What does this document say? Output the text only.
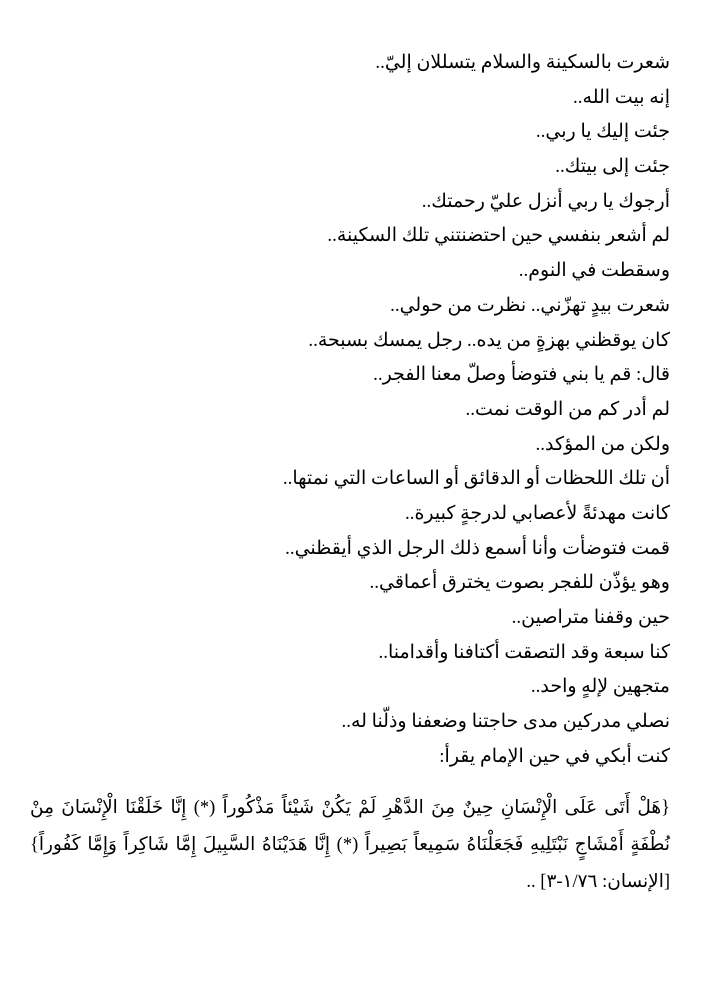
شعرت بالسكينة والسلام يتسللان إليّ..

إنه بيت الله..

جئت إليك يا ربي..

جئت إلى بيتك..

أرجوك يا ربي أنزل عليّ رحمتك..

لم أشعر بنفسي حين احتضنتني تلك السكينة..

وسقطت في النوم..

شعرت بيدٍ تهزّني.. نظرت من حولي..

كان يوقظني بهزةٍ من يده.. رجل يمسك بسبحة..

قال: قم يا بني فتوضأ وصلّ معنا الفجر..

لم أدر كم من الوقت نمت..

ولكن من المؤكد..

أن تلك اللحظات أو الدقائق أو الساعات التي نمتها..

كانت مهدئةً لأعصابي لدرجةٍ كبيرة..

قمت فتوضأت وأنا أسمع ذلك الرجل الذي أيقظني..

وهو يؤذّن للفجر بصوت يخترق أعماقي..

حين وقفنا متراصين..

كنا سبعة وقد التصقت أكتافنا وأقدامنا..

متجهين لإلهٍ واحد..

نصلي مدركين مدى حاجتنا وضعفنا وذلّنا له..

كنت أبكي في حين الإمام يقرأ:

{هَلْ أَتَى عَلَى الْإِنْسَانِ حِينٌ مِنَ الدَّهْرِ لَمْ يَكُنْ شَيْئاً مَذْكُوراً (*) إِنَّا خَلَقْنَا الْإِنْسَانَ مِنْ نُطْفَةٍ أَمْشَاجٍ نَبْتَلِيهِ فَجَعَلْنَاهُ سَمِيعاً بَصِيراً (*) إِنَّا هَدَيْنَاهُ السَّبِيلَ إِمَّا شَاكِراً وَإِمَّا كَفُوراً} [الإنسان: ١/٧٦-٣] ..
